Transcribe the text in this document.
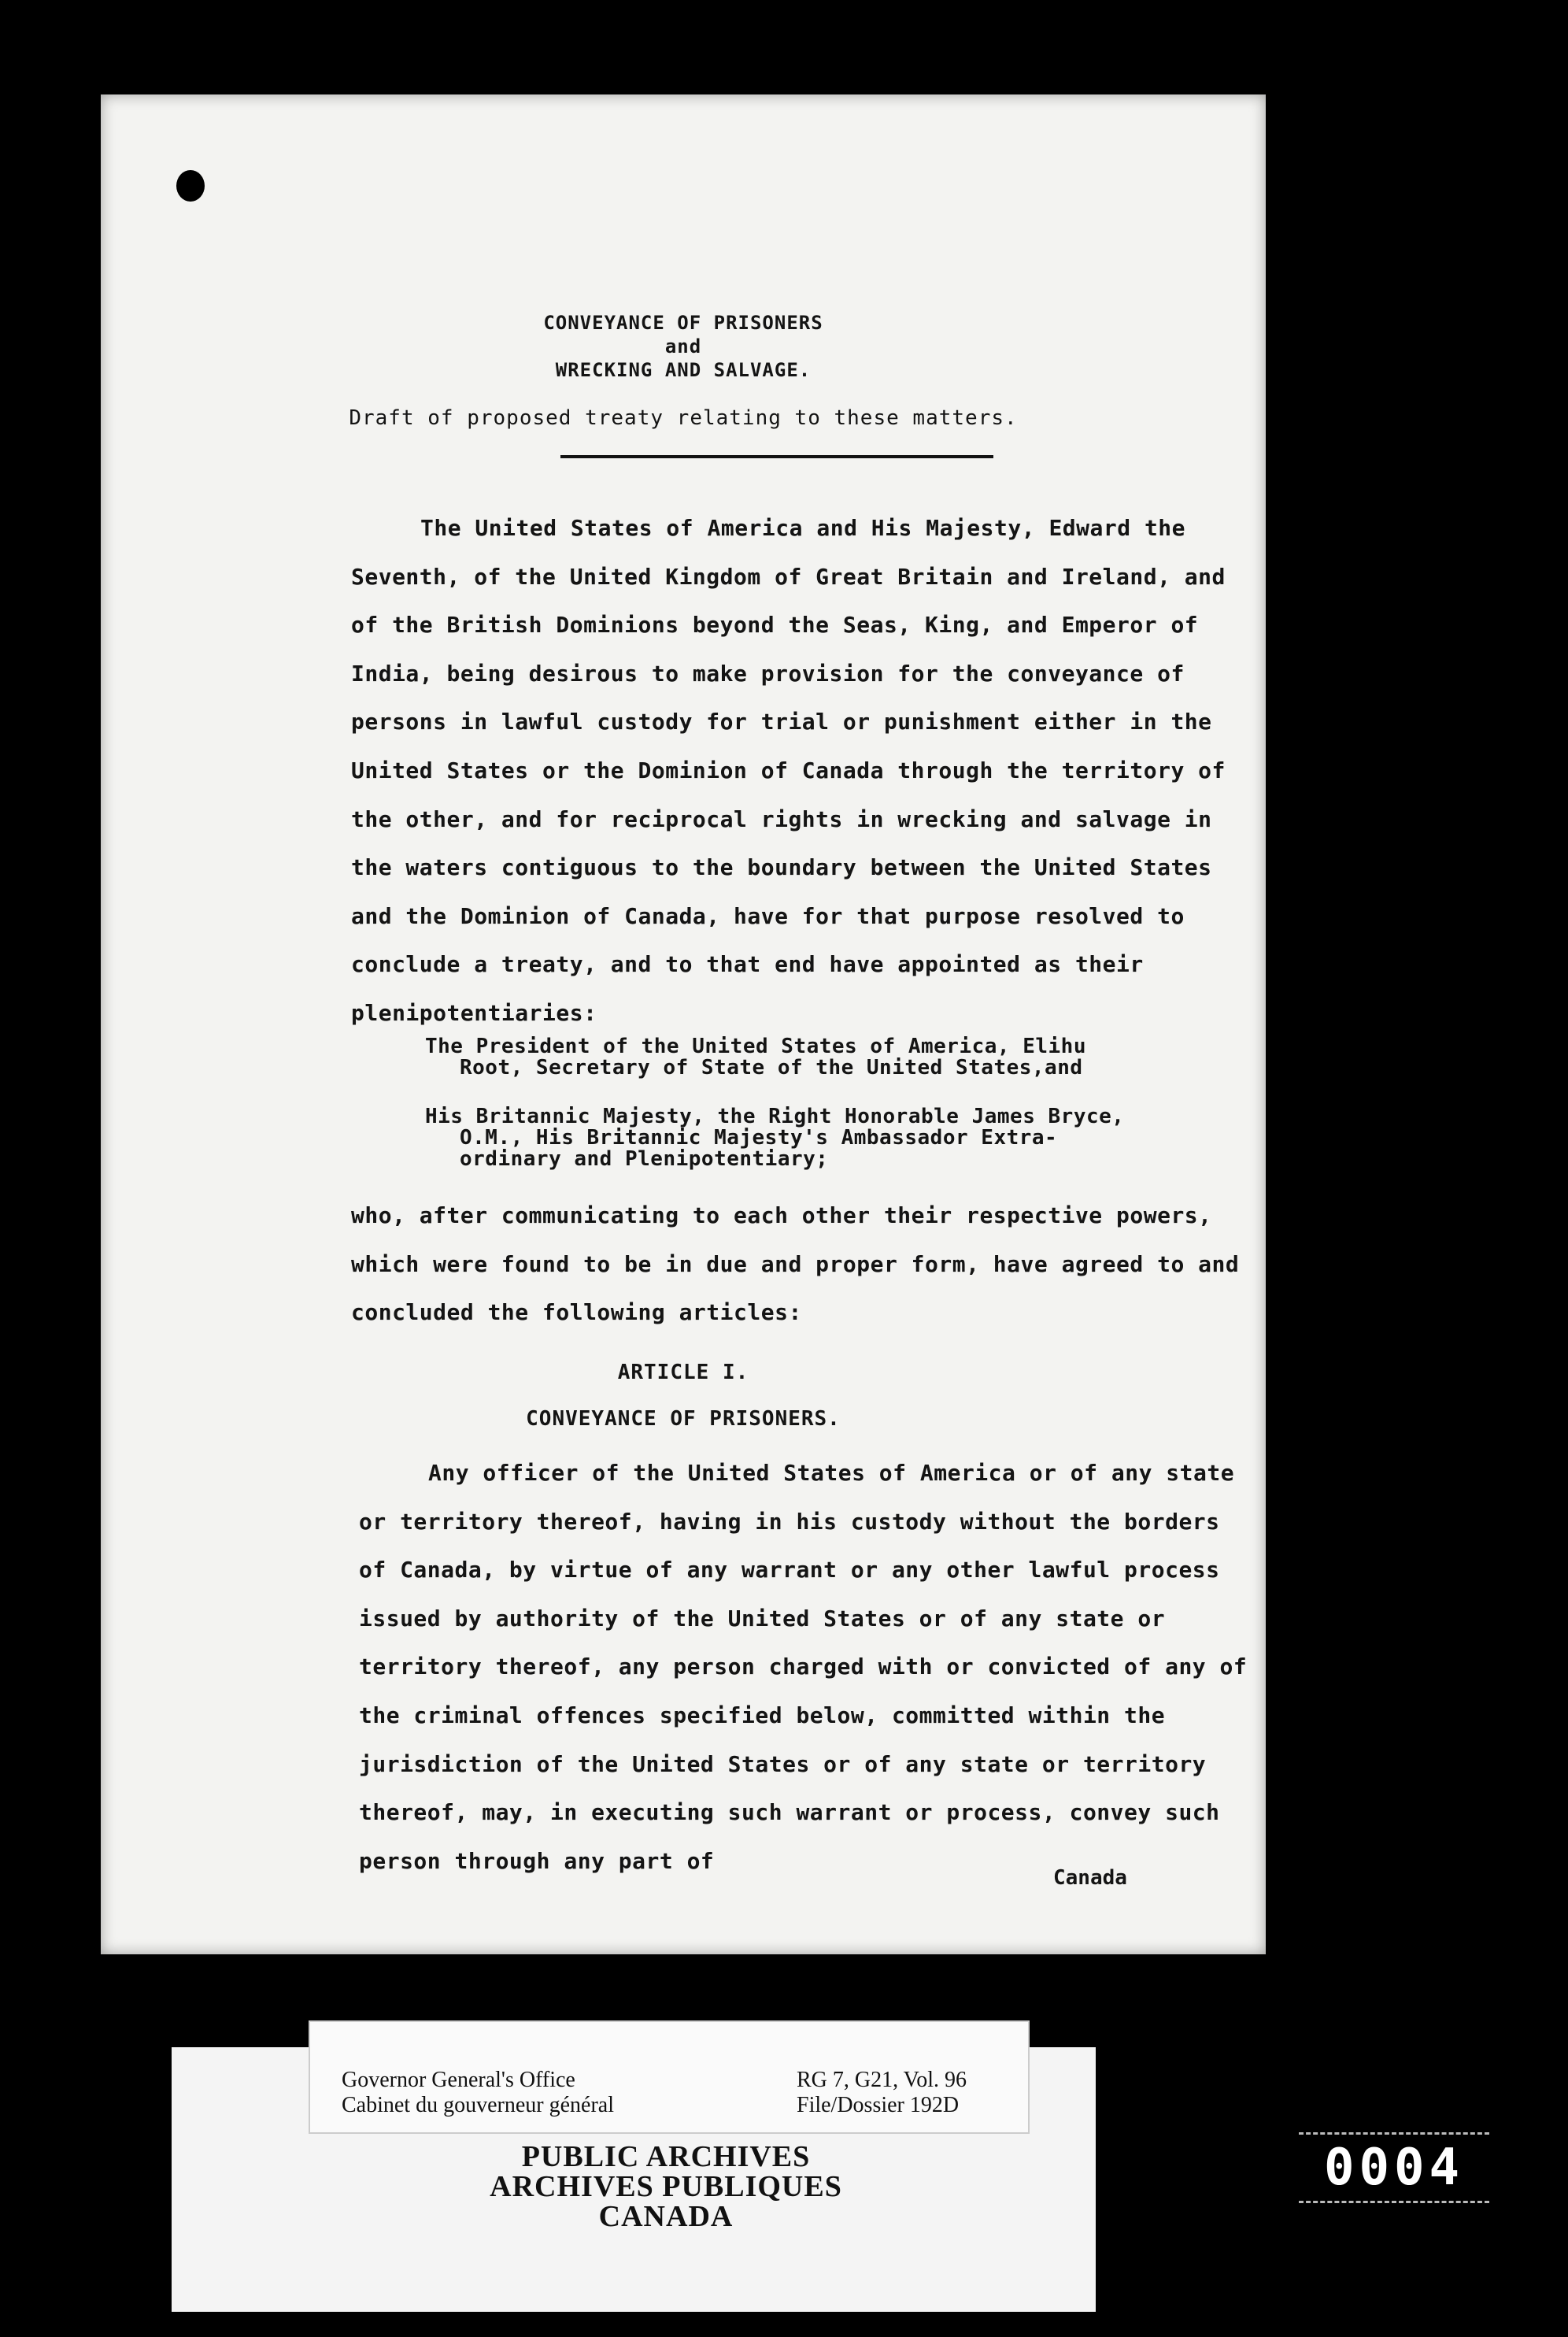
CONVEYANCE OF PRISONERS
and
WRECKING AND SALVAGE.
Draft of proposed treaty relating to these matters.
The United States of America and His Majesty, Edward the Seventh, of the United Kingdom of Great Britain and Ireland, and of the British Dominions beyond the Seas, King, and Emperor of India, being desirous to make provision for the conveyance of persons in lawful custody for trial or punishment either in the United States or the Dominion of Canada through the territory of the other, and for reciprocal rights in wrecking and salvage in the waters contiguous to the boundary between the United States and the Dominion of Canada, have for that purpose resolved to conclude a treaty, and to that end have appointed as their plenipotentiaries:
The President of the United States of America, Elihu
Root, Secretary of State of the United States,and
His Britannic Majesty, the Right Honorable James Bryce,
O.M., His Britannic Majesty's Ambassador Extra-
ordinary and Plenipotentiary;
who, after communicating to each other their respective powers, which were found to be in due and proper form, have agreed to and concluded the following articles:
ARTICLE I.
CONVEYANCE OF PRISONERS.
Any officer of the United States of America or of any state or territory thereof, having in his custody without the borders of Canada, by virtue of any warrant or any other lawful process issued by authority of the United States or of any state or territory thereof, any person charged with or convicted of any of the criminal offences specified below, committed within the jurisdiction of the United States or of any state or territory thereof, may, in executing such warrant or process, convey such person through any part of
Canada
Governor General's Office
Cabinet du gouverneur général
RG 7, G21, Vol. 96
File/Dossier 192D
PUBLIC ARCHIVES
ARCHIVES PUBLIQUES
CANADA
0004
